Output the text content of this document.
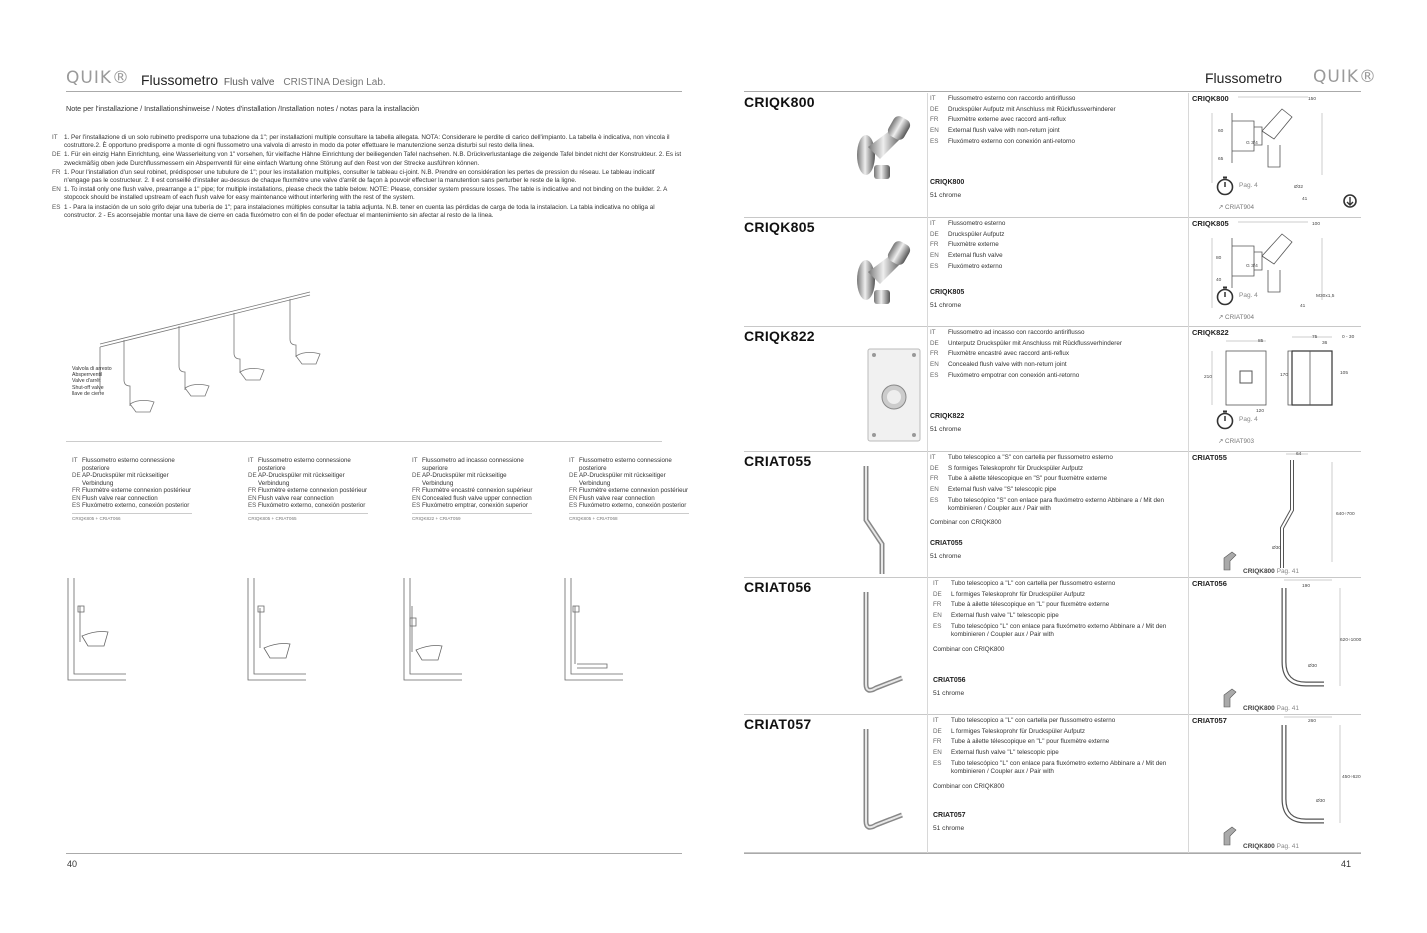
QUIK® Flussometro Flush valve CRISTINA Design Lab.
Note per l'installazione / Installationshinweise / Notes d'installation /Installation notes / notas para la installaciòn
IT	1. Per l'installazione di un solo rubinetto predisporre una tubazione da 1"; per installazioni multiple consultare la tabella allegata. NOTA: Considerare le perdite di carico dell'impianto. La tabella è indicativa, non vincola il costruttore.2. È opportuno predisporre a monte di ogni flussometro una valvola di arresto in modo da poter effettuare le manutenzione senza disturbi sul resto della linea.
DE 1. Für ein einzig Hahn Einrichtung, eine Wasserleitung von 1" vorsehen, für vielfache Hähne Einrichtung der beiliegenden Tafel nachsehen. N.B. Drückverlustanlage die zeigende Tafel bindet nicht der Konstrukteur. 2. Es ist zweckmäßig oben jede Durchflussmessern ein Absperrventil für eine einfach Wartung ohne Störung auf den Rest von der Strecke ausführen können.
FR 1. Pour l'installation d'un seul robinet, prédisposer une tubulure de 1"; pour les installation multiples, consulter le tableau ci-joint. N.B. Prendre en considération les pertes de pression du réseau. Le tableau indicatif n'engage pas le costructeur. 2. Il est conseillé d'installer au-dessus de chaque fluxmètre une valve d'arrêt de façon à pouvoir effectuer la manutention sans perturber le reste de la ligne.
EN 1. To install only one flush valve, prearrange a 1" pipe; for multiple installations, please check the table below. NOTE: Please, consider system pressure losses. The table is indicative and not binding on the builder. 2. A stopcock should be installed upstream of each flush valve for easy maintenance without interfering with the rest of the system.
ES 1 - Para la instación de un solo grifo dejar una tubería de 1"; para instalaciones múltiples consultar la tabla adjunta. N.B. tener en cuenta las pérdidas de carga de toda la instalacion. La tabla indicativa no obliga al constructor. 2 - Es aconsejable montar una llave de cierre en cada fluxómetro con el fin de poder efectuar el mantenimiento sin afectar al resto de la línea.
Valvola di arresto
Absperrventil
Valve d'arrêt
Shut-off valve
llave de cierre
IT Flussometro esterno connessione posteriore
DE AP-Druckspüler mit rückseitiger Verbindung
FR Fluxmètre externe connexion postérieur
EN Flush valve rear connection
ES Fluxómetro externo, conexión posterior
CRIQK805 + CRIAT066
IT Flussometro esterno connessione posteriore
DE AP-Druckspüler mit rückseitiger Verbindung
FR Fluxmètre externe connexion postérieur
EN Flush valve rear connection
ES Fluxómetro externo, conexión posterior
CRIQK805 + CRIAT065
IT Flussometro ad incasso connessione superiore
DE AP-Druckspüler mit rückseitige Verbindung
FR Fluxmètre encastré connexion supérieur
EN Concealed flush valve upper connection
ES Fluxómetro emptrar, conexión superior
CRIQK822 + CRIAT059
IT Flussometro esterno connessione posteriore
DE AP-Druckspüler mit rückseitiger Verbindung
FR Fluxmètre externe connexion postérieur
EN Flush valve rear connection
ES Fluxómetro externo, conexión posterior
CRIQK805 + CRIAT068
40
Flussometro QUIK®
CRIQK800	IT	Flussometro esterno con raccordo antiriflusso
DE	Druckspüler Aufputz mit Anschluss mit Rückflussverhinderer
FR	Fluxmètre externe avec raccord anti-reflux
EN	External flush valve with non-return joint
ES	Fluxómetro externo con conexión anti-retorno
CRIQK800
51 chrome
CRIQK800	150
60
G 3/4
65
Ø32
41
Pag. 4
↗ CRIAT904
CRIQK805	IT	Flussometro esterno
DE	Druckspüler Aufputz
FR	Fluxmètre externe
EN	External flush valve
ES	Fluxómetro externo
CRIQK805
51 chrome
CRIQK805	100
80
G 3/4
40
M30x1,5
41
Pag. 4
↗ CRIAT904
CRIQK822	IT	Flussometro ad incasso con raccordo antiriflusso
DE	Unterputz Druckspüler mit Anschluss mit Rückflussverhinderer
FR	Fluxmètre encastré avec raccord anti-reflux
EN	Concealed flush valve with non-return joint
ES	Fluxómetro empotrar con conexión anti-retorno
CRIQK822
51 chrome
CRIQK822
85
75	0 - 30
36
210	170
120
105
Pag. 4
↗ CRIAT903
CRIAT055	IT	Tubo telescopico a "S" con cartella per flussometro esterno
DE	S formiges Teleskoprohr für Druckspüler Aufputz
FR	Tube à ailette télescopique en "S" pour fluxmètre externe
EN	External flush valve "S" telescopic pipe
ES	Tubo telescópico "S" con enlace para fluxómetro externo Abbinare a / Mit den kombinieren / Coupler aux / Pair with
Combinar con CRIQK800
CRIAT055
51 chrome
CRIAT055	64
640÷700
Ø30
CRIQK800 Pag. 41
CRIAT056	IT	Tubo telescopico a "L" con cartella per flussometro esterno
DE	L formiges Teleskoprohr für Druckspüler Aufputz
FR	Tube à ailette télescopique en "L" pour fluxmètre externe
EN	External flush valve "L" telescopic pipe
ES	Tubo telescópico "L" con enlace para fluxómetro externo Abbinare a / Mit den kombinieren / Coupler aux / Pair with
Combinar con CRIQK800
CRIAT056
51 chrome
CRIAT056	190
620÷1000
Ø30
CRIQK800 Pag. 41
CRIAT057	IT	Tubo telescopico a "L" con cartella per flussometro esterno
DE	L formiges Teleskoprohr für Druckspüler Aufputz
FR	Tube à ailette télescopique en "L" pour fluxmètre externe
EN	External flush valve "L" telescopic pipe
ES	Tubo telescópico "L" con enlace para fluxómetro externo Abbinare a / Mit den kombinieren / Coupler aux / Pair with
Combinar con CRIQK800
CRIAT057
51 chrome
CRIAT057	260
450÷620
Ø30
CRIQK800 Pag. 41
41
